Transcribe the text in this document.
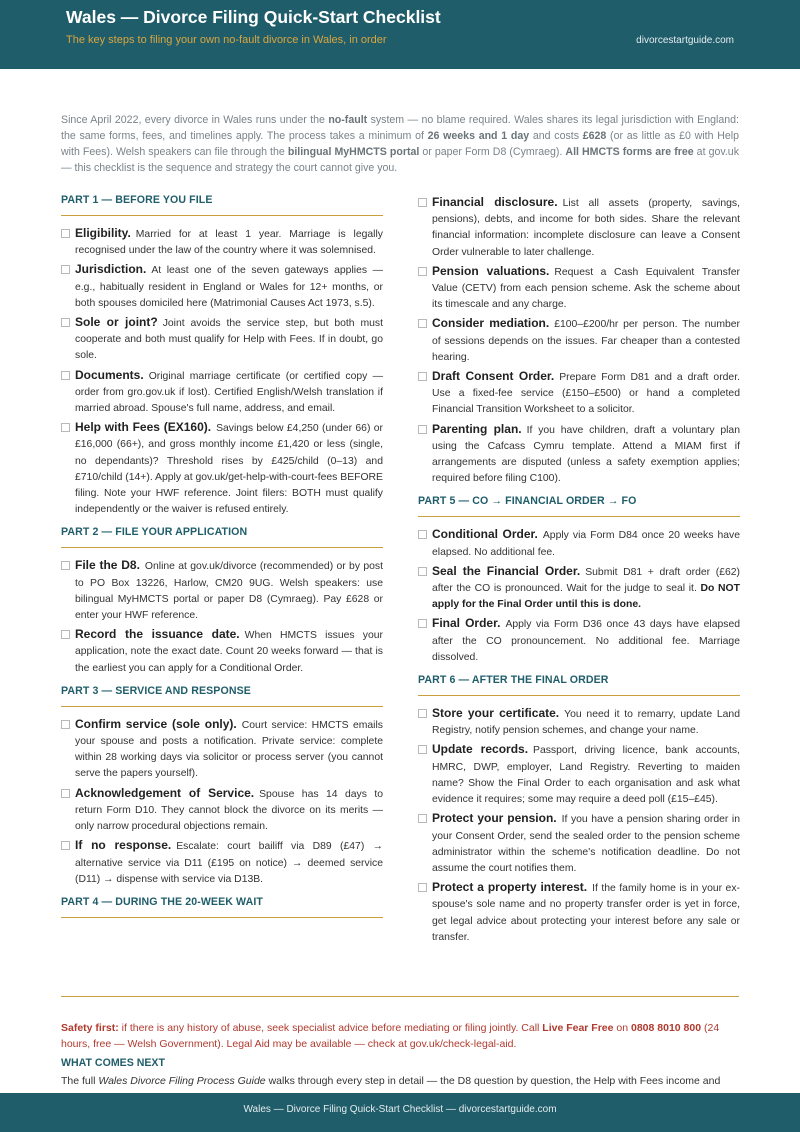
Wales — Divorce Filing Quick-Start Checklist
The key steps to filing your own no-fault divorce in Wales, in order	divorcestartguide.com
Since April 2022, every divorce in Wales runs under the no-fault system — no blame required. Wales shares its legal jurisdiction with England: the same forms, fees, and timelines apply. The process takes a minimum of 26 weeks and 1 day and costs £628 (or as little as £0 with Help with Fees). Welsh speakers can file through the bilingual MyHMCTS portal or paper Form D8 (Cymraeg). All HMCTS forms are free at gov.uk — this checklist is the sequence and strategy the court cannot give you.
PART 1 — BEFORE YOU FILE
Eligibility. Married for at least 1 year. Marriage is legally recognised under the law of the country where it was solemnised.
Jurisdiction. At least one of the seven gateways applies — e.g., habitually resident in England or Wales for 12+ months, or both spouses domiciled here (Matrimonial Causes Act 1973, s.5).
Sole or joint? Joint avoids the service step, but both must cooperate and both must qualify for Help with Fees. If in doubt, go sole.
Documents. Original marriage certificate (or certified copy — order from gro.gov.uk if lost). Certified English/Welsh translation if married abroad. Spouse's full name, address, and email.
Help with Fees (EX160). Savings below £4,250 (under 66) or £16,000 (66+), and gross monthly income £1,420 or less (single, no dependants)? Threshold rises by £425/child (0–13) and £710/child (14+). Apply at gov.uk/get-help-with-court-fees BEFORE filing. Note your HWF reference. Joint filers: BOTH must qualify independently or the waiver is refused entirely.
PART 2 — FILE YOUR APPLICATION
File the D8. Online at gov.uk/divorce (recommended) or by post to PO Box 13226, Harlow, CM20 9UG. Welsh speakers: use bilingual MyHMCTS portal or paper D8 (Cymraeg). Pay £628 or enter your HWF reference.
Record the issuance date. When HMCTS issues your application, note the exact date. Count 20 weeks forward — that is the earliest you can apply for a Conditional Order.
PART 3 — SERVICE AND RESPONSE
Confirm service (sole only). Court service: HMCTS emails your spouse and posts a notification. Private service: complete within 28 working days via solicitor or process server (you cannot serve the papers yourself).
Acknowledgement of Service. Spouse has 14 days to return Form D10. They cannot block the divorce on its merits — only narrow procedural objections remain.
If no response. Escalate: court bailiff via D89 (£47) → alternative service via D11 (£195 on notice) → deemed service (D11) → dispense with service via D13B.
PART 4 — DURING THE 20-WEEK WAIT
Financial disclosure. List all assets (property, savings, pensions), debts, and income for both sides. Share the relevant financial information: incomplete disclosure can leave a Consent Order vulnerable to later challenge.
Pension valuations. Request a Cash Equivalent Transfer Value (CETV) from each pension scheme. Ask the scheme about its timescale and any charge.
Consider mediation. £100–£200/hr per person. The number of sessions depends on the issues. Far cheaper than a contested hearing.
Draft Consent Order. Prepare Form D81 and a draft order. Use a fixed-fee service (£150–£500) or hand a completed Financial Transition Worksheet to a solicitor.
Parenting plan. If you have children, draft a voluntary plan using the Cafcass Cymru template. Attend a MIAM first if arrangements are disputed (unless a safety exemption applies; required before filing C100).
PART 5 — CO → FINANCIAL ORDER → FO
Conditional Order. Apply via Form D84 once 20 weeks have elapsed. No additional fee.
Seal the Financial Order. Submit D81 + draft order (£62) after the CO is pronounced. Wait for the judge to seal it. Do NOT apply for the Final Order until this is done.
Final Order. Apply via Form D36 once 43 days have elapsed after the CO pronouncement. No additional fee. Marriage dissolved.
PART 6 — AFTER THE FINAL ORDER
Store your certificate. You need it to remarry, update Land Registry, notify pension schemes, and change your name.
Update records. Passport, driving licence, bank accounts, HMRC, DWP, employer, Land Registry. Reverting to maiden name? Show the Final Order to each organisation and ask what evidence it requires; some may require a deed poll (£15–£45).
Protect your pension. If you have a pension sharing order in your Consent Order, send the sealed order to the pension scheme administrator within the scheme's notification deadline. Do not assume the court notifies them.
Protect a property interest. If the family home is in your ex-spouse's sole name and no property transfer order is yet in force, get legal advice about protecting your interest before any sale or transfer.
Safety first: if there is any history of abuse, seek specialist advice before mediating or filing jointly. Call Live Fear Free on 0808 8010 800 (24 hours, free — Welsh Government). Legal Aid may be available — check at gov.uk/check-legal-aid.
WHAT COMES NEXT
The full Wales Divorce Filing Process Guide walks through every step in detail — the D8 question by question, the Help with Fees income and
Wales — Divorce Filing Quick-Start Checklist — divorcestartguide.com
